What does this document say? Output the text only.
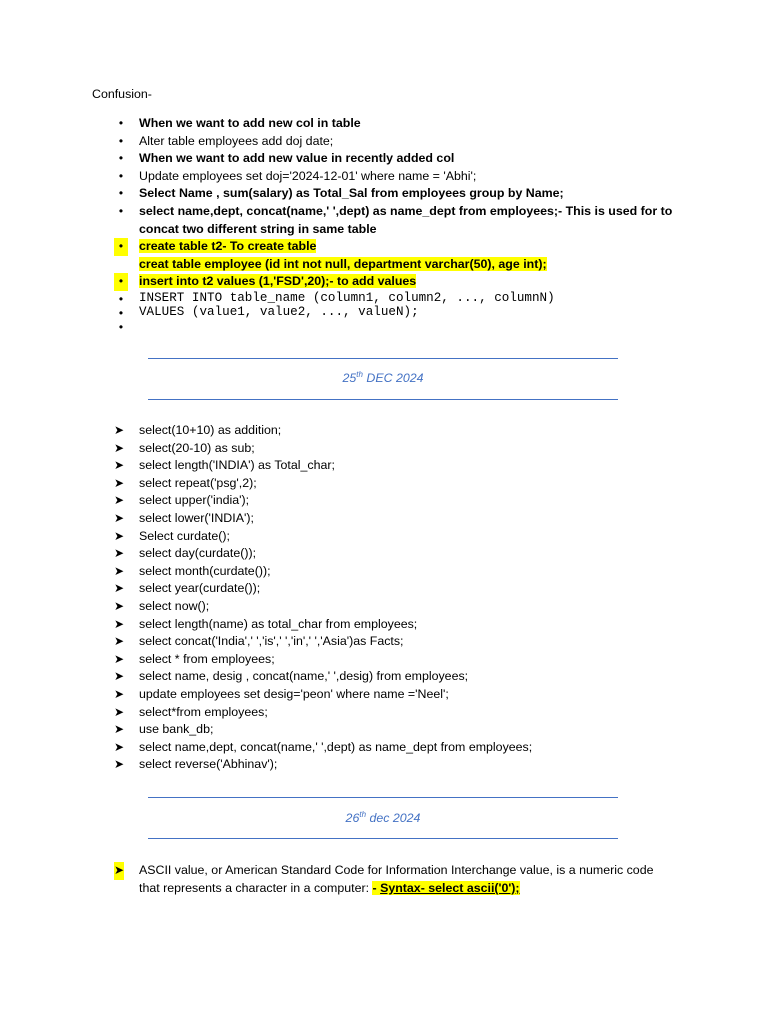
Confusion-
•	When we want to add new col in table
•	Alter table employees add doj date;
•	When we want to add new value in recently added col
•	Update employees set doj='2024-12-01' where name = 'Abhi';
•	Select Name , sum(salary) as Total_Sal from employees group by Name;
•	select name,dept, concat(name,' ',dept) as name_dept from employees;- This is used for to
concat two different string in same table
•	create table t2- To create table
creat table employee (id int not null, department varchar(50), age int);
•	insert into t2 values (1,'FSD',20);- to add values
•	INSERT INTO table_name (column1, column2, ..., columnN)
•	VALUES (value1, value2, ..., valueN);
•
25th DEC 2024
➤ select(10+10) as addition;
➤ select(20-10) as sub;
➤ select length('INDIA') as Total_char;
➤ select repeat('psg',2);
➤ select upper('india');
➤ select lower('INDIA');
➤ Select curdate();
➤ select day(curdate());
➤ select month(curdate());
➤ select year(curdate());
➤ select now();
➤ select length(name) as total_char from employees;
➤ select concat('India',' ','is',' ','in',' ','Asia')as Facts;
➤ select * from employees;
➤ select name, desig , concat(name,' ',desig) from employees;
➤ update employees set desig='peon' where name ='Neel';
➤ select*from employees;
➤ use bank_db;
➤ select name,dept, concat(name,' ',dept) as name_dept from employees;
➤ select reverse('Abhinav');
26th dec 2024
➤ ASCII value, or American Standard Code for Information Interchange value, is a numeric code
that represents a character in a computer: - Syntax- select ascii('0');
